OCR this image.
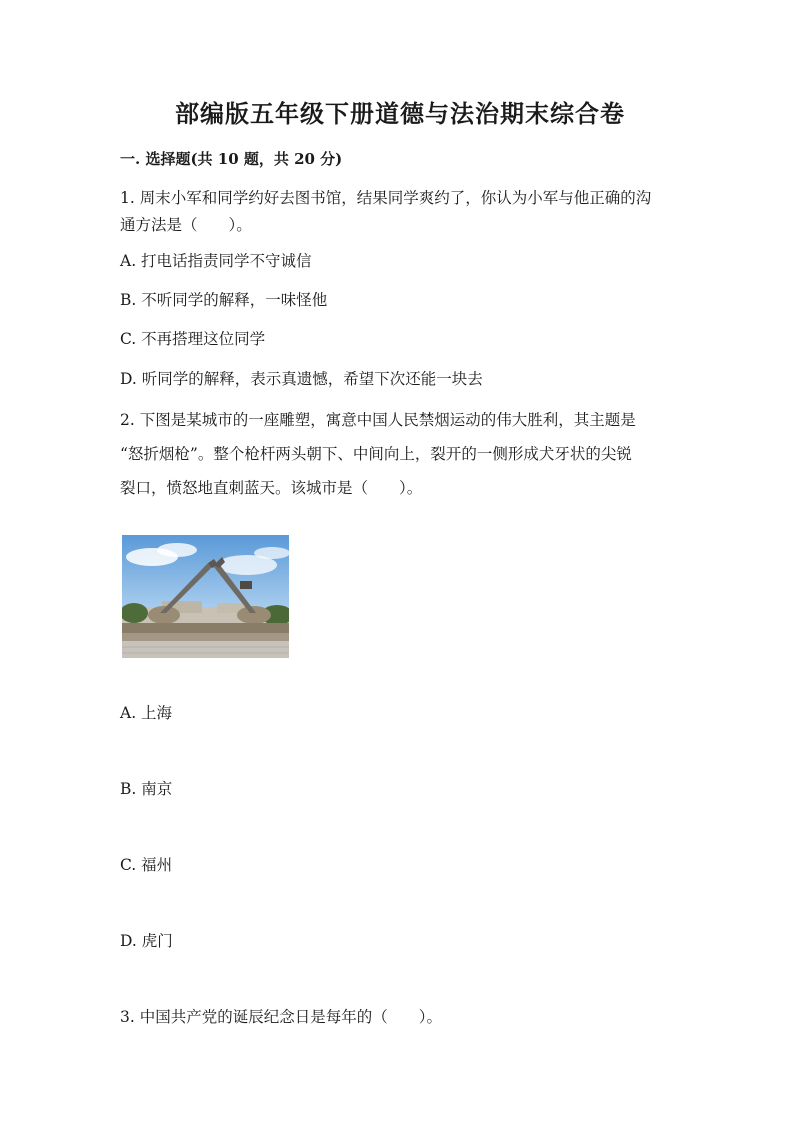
部编版五年级下册道德与法治期末综合卷
一. 选择题(共 10 题，共 20 分)
1. 周末小军和同学约好去图书馆，结果同学爽约了，你认为小军与他正确的沟
通方法是（　　）。
A. 打电话指责同学不守诚信
B. 不听同学的解释，一味怪他
C. 不再搭理这位同学
D. 听同学的解释，表示真遗憾，希望下次还能一块去
2. 下图是某城市的一座雕塑，寓意中国人民禁烟运动的伟大胜利，其主题是
“怒折烟枪”。整个枪杆两头朝下、中间向上，裂开的一侧形成犬牙状的尖锐
裂口，愤怒地直刺蓝天。该城市是（　　）。
A. 上海
B. 南京
C. 福州
D. 虎门
3. 中国共产党的诞辰纪念日是每年的（　　）。
